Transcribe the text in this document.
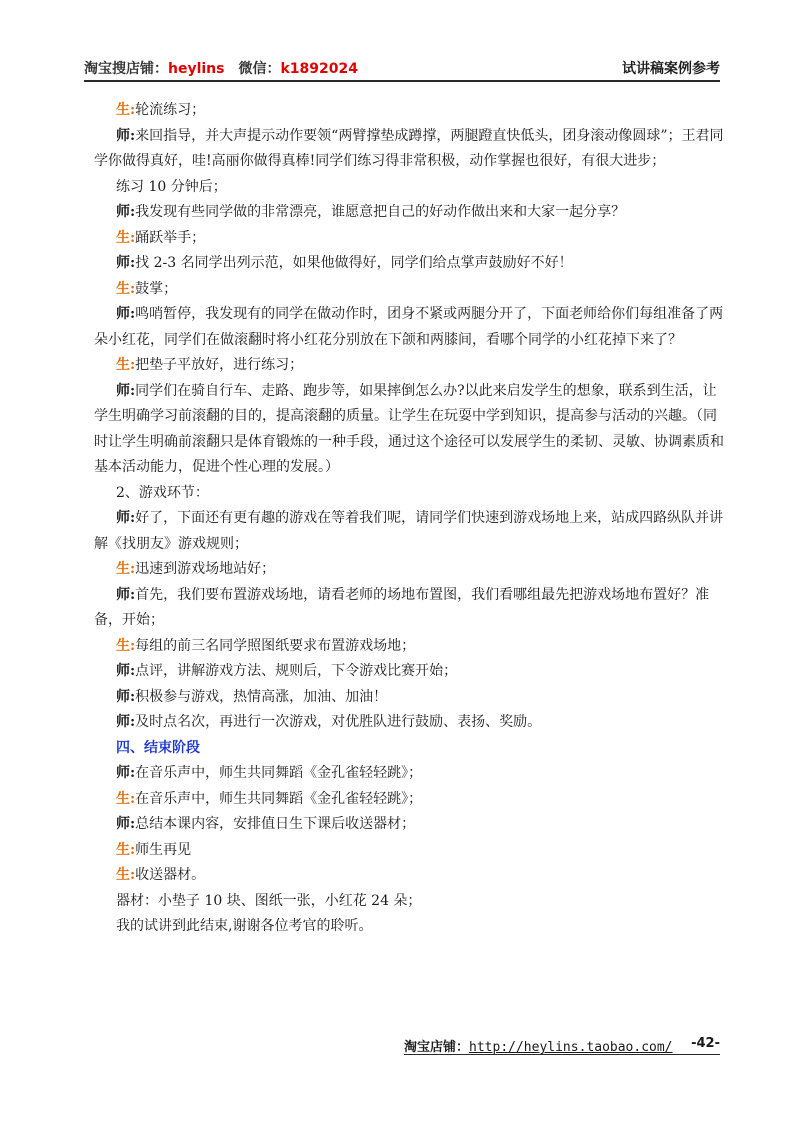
淘宝搜店铺：heylins 微信：k1892024	试讲稿案例参考

生:轮流练习；

师:来回指导，并大声提示动作要领“两臂撑垫成蹲撑，两腿蹬直快低头，团身滚动像圆球”；王君同学你做得真好，哇!高丽你做得真棒!同学们练习得非常积极，动作掌握也很好，有很大进步；

练习 10 分钟后；

师:我发现有些同学做的非常漂亮，谁愿意把自己的好动作做出来和大家一起分享？

生:踊跃举手；

师:找 2-3 名同学出列示范，如果他做得好，同学们给点掌声鼓励好不好！

生:鼓掌；

师:鸣哨暂停，我发现有的同学在做动作时，团身不紧或两腿分开了，下面老师给你们每组准备了两朵小红花，同学们在做滚翻时将小红花分别放在下颌和两膝间，看哪个同学的小红花掉下来了？

生:把垫子平放好，进行练习；

师:同学们在骑自行车、走路、跑步等，如果摔倒怎么办?以此来启发学生的想象，联系到生活，让学生明确学习前滚翻的目的，提高滚翻的质量。让学生在玩耍中学到知识，提高参与活动的兴趣。（同时让学生明确前滚翻只是体育锻炼的一种手段，通过这个途径可以发展学生的柔韧、灵敏、协调素质和基本活动能力，促进个性心理的发展。）

2、游戏环节：

师:好了，下面还有更有趣的游戏在等着我们呢，请同学们快速到游戏场地上来，站成四路纵队并讲解《找朋友》游戏规则；

生:迅速到游戏场地站好；

师:首先，我们要布置游戏场地，请看老师的场地布置图，我们看哪组最先把游戏场地布置好？准备，开始；

生:每组的前三名同学照图纸要求布置游戏场地；

师:点评，讲解游戏方法、规则后，下令游戏比赛开始；

师:积极参与游戏，热情高涨，加油、加油！

师:及时点名次，再进行一次游戏，对优胜队进行鼓励、表扬、奖励。

四、结束阶段

师:在音乐声中，师生共同舞蹈《金孔雀轻轻跳》；

生:在音乐声中，师生共同舞蹈《金孔雀轻轻跳》；

师:总结本课内容，安排值日生下课后收送器材；

生:师生再见

生:收送器材。

器材：小垫子 10 块、图纸一张，小红花 24 朵；

我的试讲到此结束,谢谢各位考官的聆听。

淘宝店铺：http://heylins.taobao.com/ -42-
